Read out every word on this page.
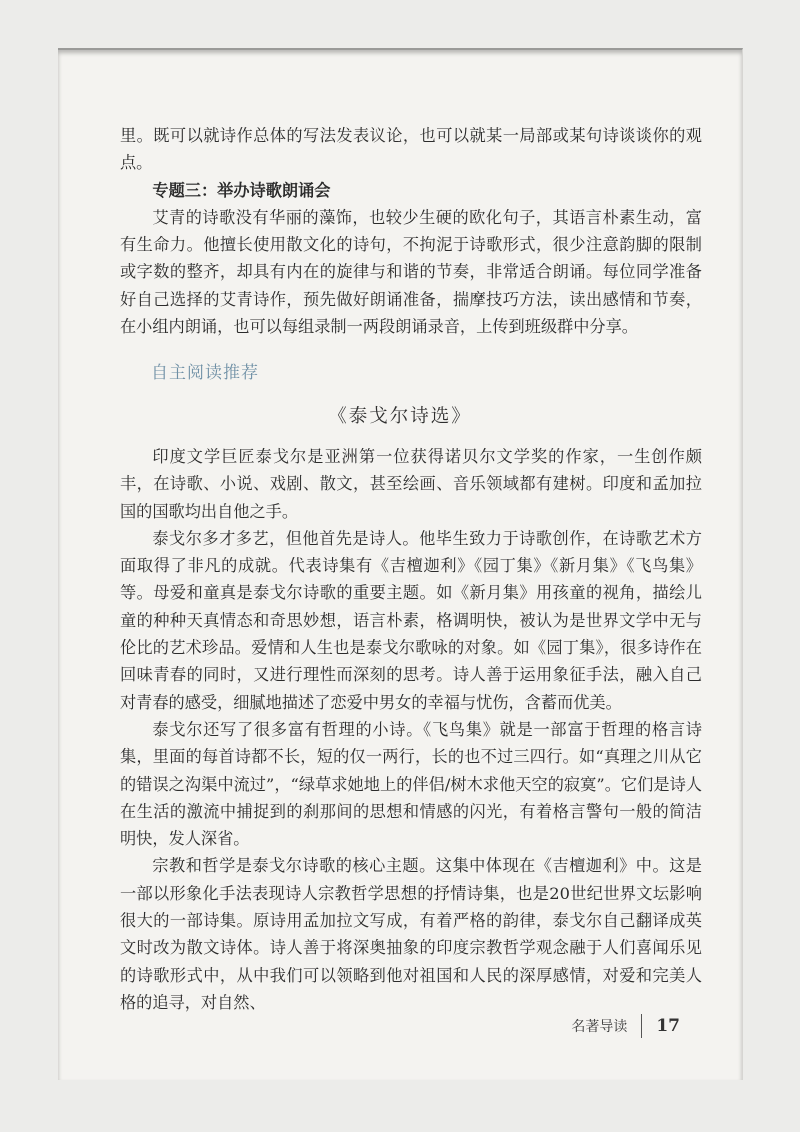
里。既可以就诗作总体的写法发表议论，也可以就某一局部或某句诗谈谈你的观点。

专题三：举办诗歌朗诵会

艾青的诗歌没有华丽的藻饰，也较少生硬的欧化句子，其语言朴素生动，富有生命力。他擅长使用散文化的诗句，不拘泥于诗歌形式，很少注意韵脚的限制或字数的整齐，却具有内在的旋律与和谐的节奏，非常适合朗诵。每位同学准备好自己选择的艾青诗作，预先做好朗诵准备，揣摩技巧方法，读出感情和节奏，在小组内朗诵，也可以每组录制一两段朗诵录音，上传到班级群中分享。

自主阅读推荐
《泰戈尔诗选》

印度文学巨匠泰戈尔是亚洲第一位获得诺贝尔文学奖的作家，一生创作颇丰，在诗歌、小说、戏剧、散文，甚至绘画、音乐领域都有建树。印度和孟加拉国的国歌均出自他之手。

泰戈尔多才多艺，但他首先是诗人。他毕生致力于诗歌创作，在诗歌艺术方面取得了非凡的成就。代表诗集有《吉檀迦利》《园丁集》《新月集》《飞鸟集》等。母爱和童真是泰戈尔诗歌的重要主题。如《新月集》用孩童的视角，描绘儿童的种种天真情态和奇思妙想，语言朴素，格调明快，被认为是世界文学中无与伦比的艺术珍品。爱情和人生也是泰戈尔歌咏的对象。如《园丁集》，很多诗作在回味青春的同时，又进行理性而深刻的思考。诗人善于运用象征手法，融入自己对青春的感受，细腻地描述了恋爱中男女的幸福与忧伤，含蓄而优美。

泰戈尔还写了很多富有哲理的小诗。《飞鸟集》就是一部富于哲理的格言诗集，里面的每首诗都不长，短的仅一两行，长的也不过三四行。如“真理之川从它的错误之沟渠中流过”，“绿草求她地上的伴侣/树木求他天空的寂寞”。它们是诗人在生活的激流中捕捉到的刹那间的思想和情感的闪光，有着格言警句一般的简洁明快，发人深省。

宗教和哲学是泰戈尔诗歌的核心主题。这集中体现在《吉檀迦利》中。这是一部以形象化手法表现诗人宗教哲学思想的抒情诗集，也是20世纪世界文坛影响很大的一部诗集。原诗用孟加拉文写成，有着严格的韵律，泰戈尔自己翻译成英文时改为散文诗体。诗人善于将深奥抽象的印度宗教哲学观念融于人们喜闻乐见的诗歌形式中，从中我们可以领略到他对祖国和人民的深厚感情，对爱和完美人格的追寻，对自然、

名著导读 17
